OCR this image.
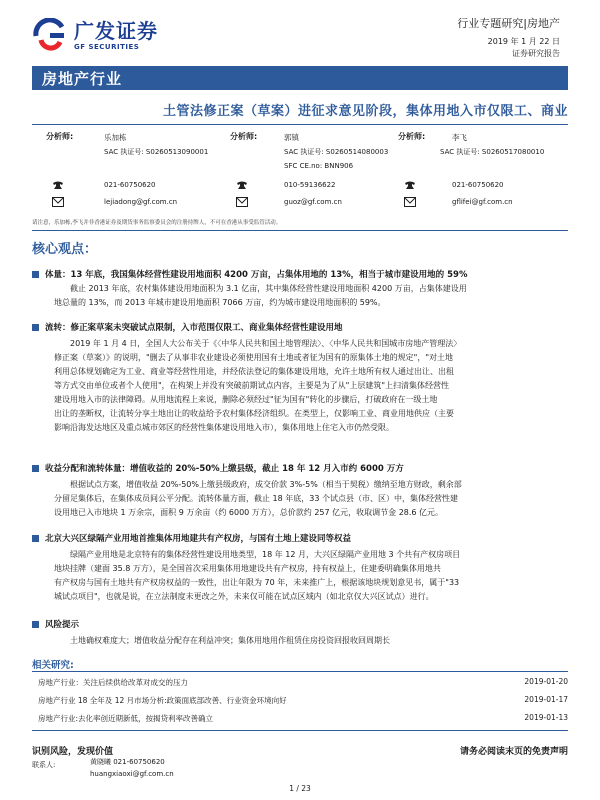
广发证券
GF SECURITIES
行业专题研究|房地产
2019 年 1 月 22 日
证券研究报告
房地产行业
土管法修正案（草案）进征求意见阶段，集体用地入市仅限工、商业
分析师:	乐加栋
SAC 执证号: S0260513090001
021-60750620
lejiadong@gf.com.cn
分析师:	郭镇
SAC 执证号: S0260514080003
SFC CE.no: BNN906
010-59136622
guoz@gf.com.cn
分析师:	李飞
SAC 执证号: S0260517080010
021-60750620
gflifei@gf.com.cn
请注意，乐加栋,李飞并非香港证券及期货事务监察委员会的注册持牌人，不可在香港从事受监管活动。
核心观点：
体量：13 年底，我国集体经营性建设用地面积 4200 万亩，占集体用地的 13%，相当于城市建设用地的 59%
截止 2013 年底，农村集体建设用地面积为 3.1 亿亩，其中集体经营性建设用地面积 4200 万亩，占集体建设用
地总量的 13%，而 2013 年城市建设用地面积 7066 万亩，约为城市建设用地面积的 59%。
流转：修正案草案未突破试点限制，入市范围仅限工、商业集体经营性建设用地
2019 年 1 月 4 日，全国人大公布关于《〈中华人民共和国土地管理法〉、〈中华人民共和国城市房地产管理法〉
修正案（草案）》的说明，"删去了从事非农业建设必须使用国有土地或者征为国有的原集体土地的规定"，"对土地
利用总体规划确定为工业、商业等经营性用途，并经依法登记的集体建设用地，允许土地所有权人通过出让、出租
等方式交由单位或者个人使用"，在构架上并没有突破前期试点内容，主要是为了从"上层建筑"上扫清集体经营性
建设用地入市的法律障碍。从用地流程上来说，删除必须经过"征为国有"转化的步骤后，打破政府在一级土地
出让的垄断权，让流转分享土地出让的收益给予农村集体经济组织。在类型上，仅影响工业、商业用地供应（主要
影响沿海发达地区及重点城市郊区的经营性集体建设用地入市），集体用地上住宅入市仍然受限。
收益分配和流转体量：增值收益的 20%-50%上缴县级，截止 18 年 12 月入市约 6000 万方
根据试点方案，增值收益 20%-50%上缴县级政府，成交价款 3%-5%（相当于契税）缴纳至地方财政，剩余部
分留足集体后，在集体成员间公平分配。流转体量方面，截止 18 年底，33 个试点县（市、区）中，集体经营性建
设用地已入市地块 1 万余宗，面积 9 万余亩（约 6000 万方），总价款约 257 亿元，收取调节金 28.6 亿元。
北京大兴区绿隔产业用地首推集体用地建共有产权房，与国有土地上建设同等权益
绿隔产业用地是北京特有的集体经营性建设用地类型，18 年 12 月，大兴区绿隔产业用地 3 个共有产权房项目
地块挂牌（建面 35.8 万方），是全国首次采用集体用地建设共有产权房，持有权益上，住建委明确集体用地共
有产权房与国有土地共有产权房权益的一致性，出让年限为 70 年，未来推广上，根据该地块规划意见书，属于"33
城试点项目"，也就是说，在立法制度未更改之外，未来仅可能在试点区域内（如北京仅大兴区试点）进行。
风险提示
土地确权难度大；增值收益分配存在利益冲突；集体用地用作租赁住房投资回报收回周期长
相关研究:
房地产行业：关注后续供给改革对成交的压力	2019-01-20
房地产行业 18 全年及 12 月市场分析:政策面底部改善、行业资金环境向好	2019-01-17
房地产行业:去化率创近期新低，按揭贷利率改善确立	2019-01-13
识别风险，发现价值	请务必阅读末页的免责声明
联系人:	黄晓曦 021-60750620
huangxiaoxi@gf.com.cn
1 / 23
